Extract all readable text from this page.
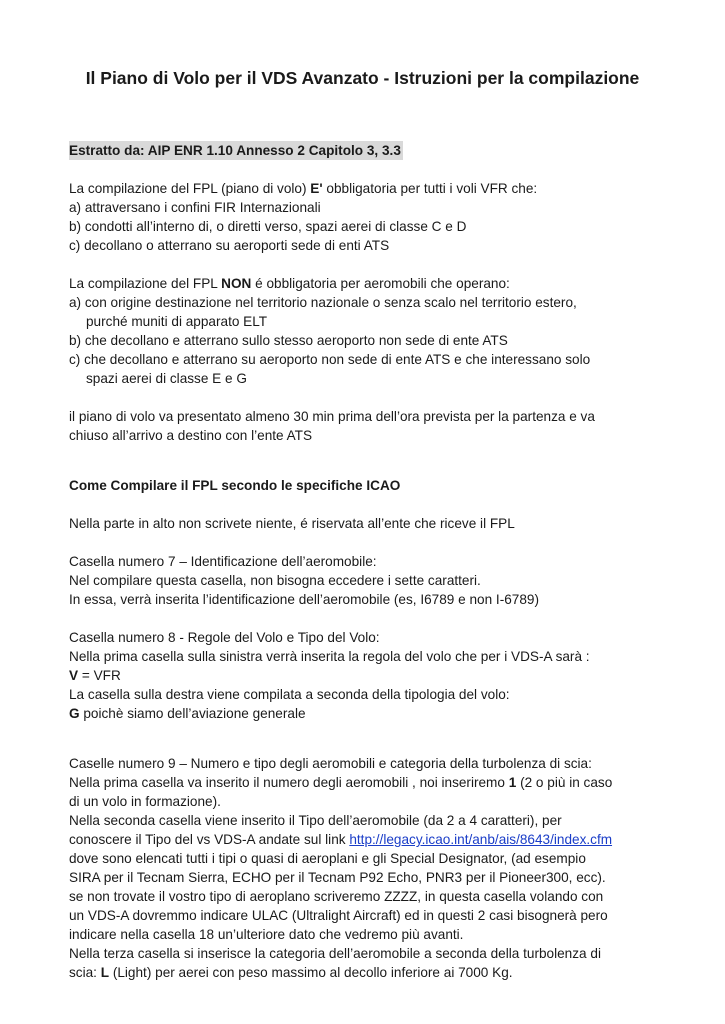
Il Piano di Volo per il VDS Avanzato - Istruzioni per la compilazione

Estratto da: AIP ENR 1.10 Annesso 2 Capitolo 3, 3.3

La compilazione del FPL (piano di volo) E' obbligatoria per tutti i voli VFR che:

a) attraversano i confini FIR Internazionali

b) condotti all’interno di, o diretti verso, spazi aerei di classe C e D

c) decollano o atterrano su aeroporti sede di enti ATS

La compilazione del FPL NON é obbligatoria per aeromobili che operano:

a) con origine destinazione nel territorio nazionale o senza scalo nel territorio estero,

purché muniti di apparato ELT

b) che decollano e atterrano sullo stesso aeroporto non sede di ente ATS

c) che decollano e atterrano su aeroporto non sede di ente ATS e che interessano solo

spazi aerei di classe E e G

il piano di volo va presentato almeno 30 min prima dell’ora prevista per la partenza e va

chiuso all’arrivo a destino con l’ente ATS

Come Compilare il FPL secondo le specifiche ICAO

Nella parte in alto non scrivete niente, é riservata all’ente che riceve il FPL

Casella numero 7 – Identificazione dell’aeromobile:

Nel compilare questa casella, non bisogna eccedere i sette caratteri.

In essa, verrà inserita l’identificazione dell’aeromobile (es, I6789 e non I-6789)

Casella numero 8 - Regole del Volo e Tipo del Volo:

Nella prima casella sulla sinistra verrà inserita la regola del volo che per i VDS-A sarà :

V = VFR

La casella sulla destra viene compilata a seconda della tipologia del volo:

G poichè siamo dell’aviazione generale

Caselle numero 9 – Numero e tipo degli aeromobili e categoria della turbolenza di scia:

Nella prima casella va inserito il numero degli aeromobili , noi inseriremo 1 (2 o più in caso

di un volo in formazione).

Nella seconda casella viene inserito il Tipo dell’aeromobile (da 2 a 4 caratteri), per

conoscere il Tipo del vs VDS-A andate sul link http://legacy.icao.int/anb/ais/8643/index.cfm

dove sono elencati tutti i tipi o quasi di aeroplani e gli Special Designator, (ad esempio

SIRA per il Tecnam Sierra, ECHO per il Tecnam P92 Echo, PNR3 per il Pioneer300, ecc).

se non trovate il vostro tipo di aeroplano scriveremo ZZZZ, in questa casella volando con

un VDS-A dovremmo indicare ULAC (Ultralight Aircraft) ed in questi 2 casi bisognerà pero

indicare nella casella 18 un’ulteriore dato che vedremo più avanti.

Nella terza casella si inserisce la categoria dell’aeromobile a seconda della turbolenza di

scia: L (Light) per aerei con peso massimo al decollo inferiore ai 7000 Kg.
